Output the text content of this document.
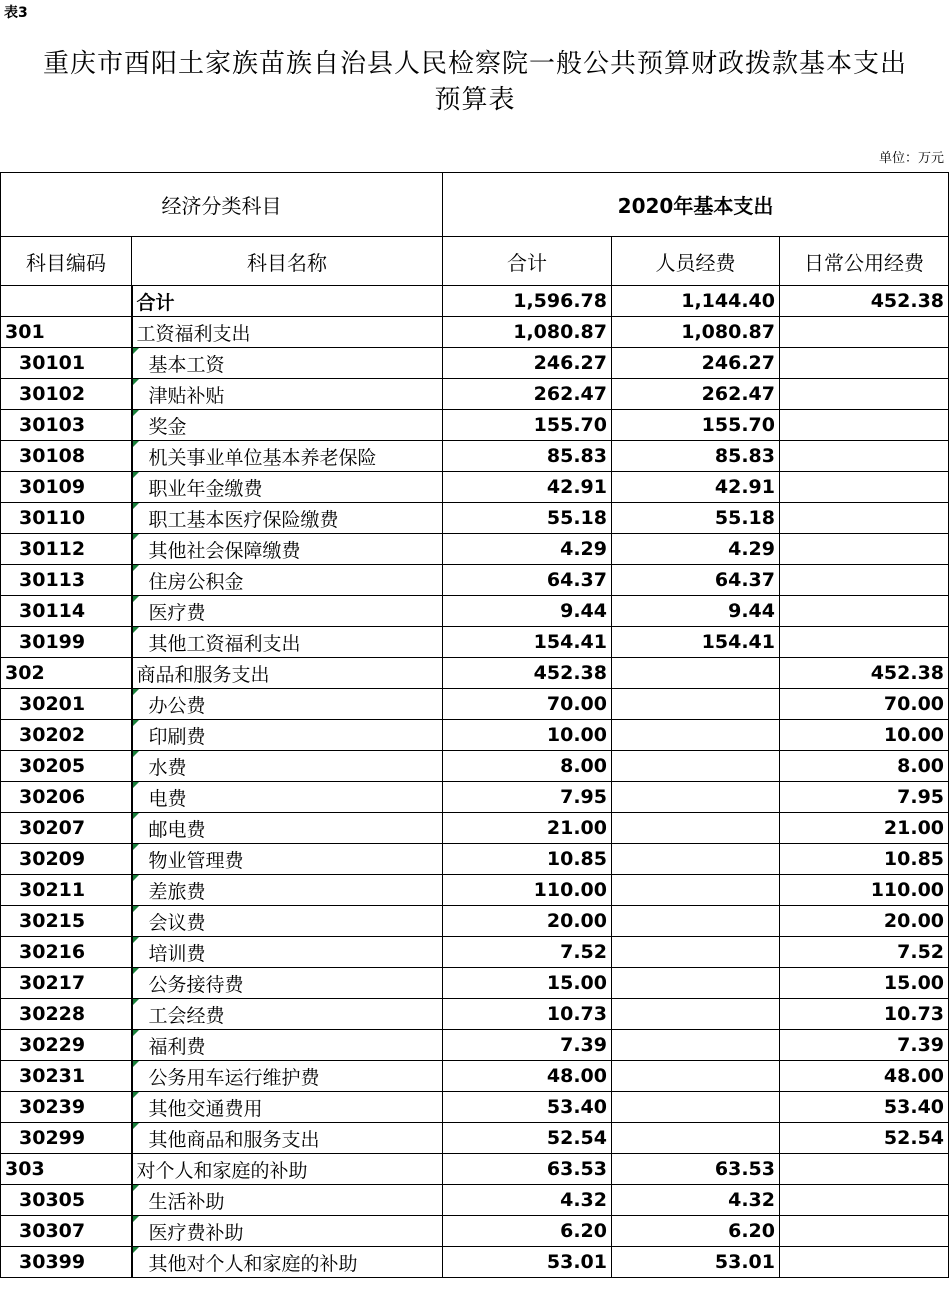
表3
重庆市酉阳土家族苗族自治县人民检察院一般公共预算财政拨款基本支出
预算表
单位：万元
经济分类科目		2020年基本支出		
科目编码	科目名称	合计	人员经费	日常公用经费
	合计	1,596.78	1,144.40	452.38
301	工资福利支出	1,080.87	1,080.87	
30101	基本工资	246.27	246.27	
30102	津贴补贴	262.47	262.47	
30103	奖金	155.70	155.70	
30108	机关事业单位基本养老保险	85.83	85.83	
30109	职业年金缴费	42.91	42.91	
30110	职工基本医疗保险缴费	55.18	55.18	
30112	其他社会保障缴费	4.29	4.29	
30113	住房公积金	64.37	64.37	
30114	医疗费	9.44	9.44	
30199	其他工资福利支出	154.41	154.41	
302	商品和服务支出	452.38		452.38
30201	办公费	70.00		70.00
30202	印刷费	10.00		10.00
30205	水费	8.00		8.00
30206	电费	7.95		7.95
30207	邮电费	21.00		21.00
30209	物业管理费	10.85		10.85
30211	差旅费	110.00		110.00
30215	会议费	20.00		20.00
30216	培训费	7.52		7.52
30217	公务接待费	15.00		15.00
30228	工会经费	10.73		10.73
30229	福利费	7.39		7.39
30231	公务用车运行维护费	48.00		48.00
30239	其他交通费用	53.40		53.40
30299	其他商品和服务支出	52.54		52.54
303	对个人和家庭的补助	63.53	63.53	
30305	生活补助	4.32	4.32	
30307	医疗费补助	6.20	6.20	
30399	其他对个人和家庭的补助	53.01	53.01	
